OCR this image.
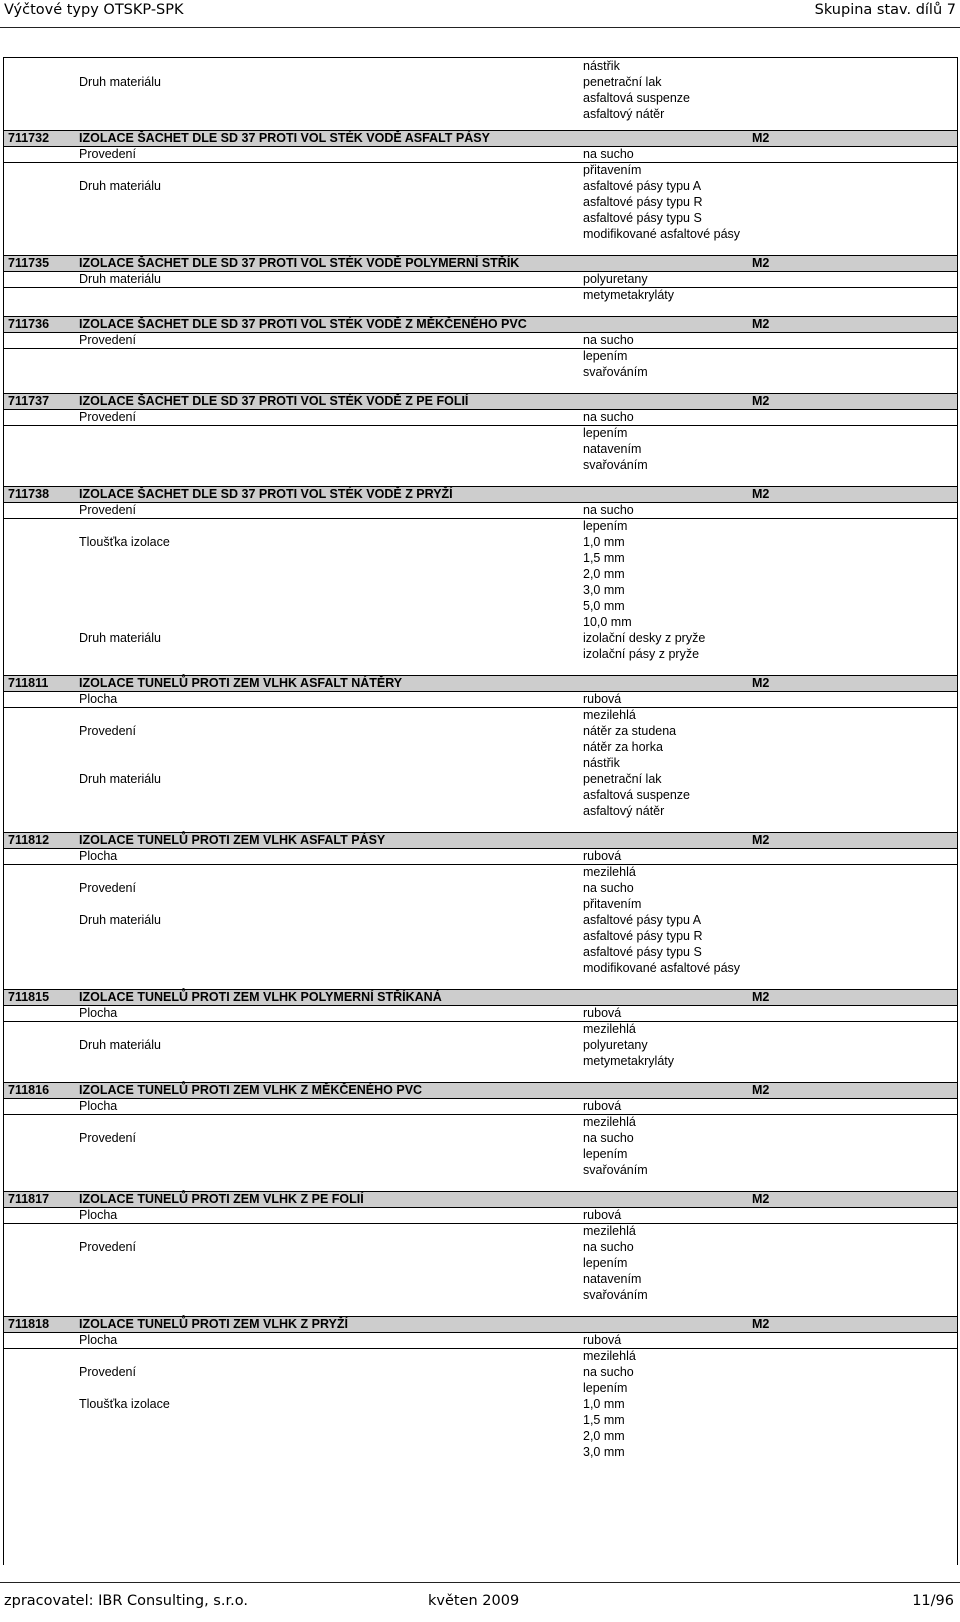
Výčtové typy OTSKP-SPK	Skupina stav. dílů 7
nástřik
Druh materiálu	penetrační lak
asfaltová suspenze
asfaltový nátěr
711732 IZOLACE ŠACHET DLE SD 37 PROTI VOL STÉK VODĚ ASFALT PÁSY	M2
Provedení	na sucho
přitavením
Druh materiálu	asfaltové pásy typu A
asfaltové pásy typu R
asfaltové pásy typu S
modifikované asfaltové pásy
711735 IZOLACE ŠACHET DLE SD 37 PROTI VOL STÉK VODĚ POLYMERNÍ STŘÍK	M2
Druh materiálu	polyuretany
metymetakryláty
711736 IZOLACE ŠACHET DLE SD 37 PROTI VOL STÉK VODĚ Z MĚKČENÉHO PVC	M2
Provedení	na sucho
lepením
svařováním
711737 IZOLACE ŠACHET DLE SD 37 PROTI VOL STÉK VODĚ Z PE FOLIÍ	M2
Provedení	na sucho
lepením
natavením
svařováním
711738 IZOLACE ŠACHET DLE SD 37 PROTI VOL STÉK VODĚ Z PRYŽÍ	M2
Provedení	na sucho
lepením
Tloušťka izolace	1,0 mm
1,5 mm
2,0 mm
3,0 mm
5,0 mm
10,0 mm
Druh materiálu	izolační desky z pryže
izolační pásy z pryže
711811 IZOLACE TUNELŮ PROTI ZEM VLHK ASFALT NÁTĚRY	M2
Plocha	rubová
mezilehlá
Provedení	nátěr za studena
nátěr za horka
nástřik
Druh materiálu	penetrační lak
asfaltová suspenze
asfaltový nátěr
711812 IZOLACE TUNELŮ PROTI ZEM VLHK ASFALT PÁSY	M2
Plocha	rubová
mezilehlá
Provedení	na sucho
přitavením
Druh materiálu	asfaltové pásy typu A
asfaltové pásy typu R
asfaltové pásy typu S
modifikované asfaltové pásy
711815 IZOLACE TUNELŮ PROTI ZEM VLHK POLYMERNÍ STŘÍKANÁ	M2
Plocha	rubová
mezilehlá
Druh materiálu	polyuretany
metymetakryláty
711816 IZOLACE TUNELŮ PROTI ZEM VLHK Z MĚKČENÉHO PVC	M2
Plocha	rubová
mezilehlá
Provedení	na sucho
lepením
svařováním
711817 IZOLACE TUNELŮ PROTI ZEM VLHK Z PE FOLIÍ	M2
Plocha	rubová
mezilehlá
Provedení	na sucho
lepením
natavením
svařováním
711818 IZOLACE TUNELŮ PROTI ZEM VLHK Z PRYŽÍ	M2
Plocha	rubová
mezilehlá
Provedení	na sucho
lepením
Tloušťka izolace	1,0 mm
1,5 mm
2,0 mm
3,0 mm
zpracovatel: IBR Consulting, s.r.o.	květen 2009	11/96
